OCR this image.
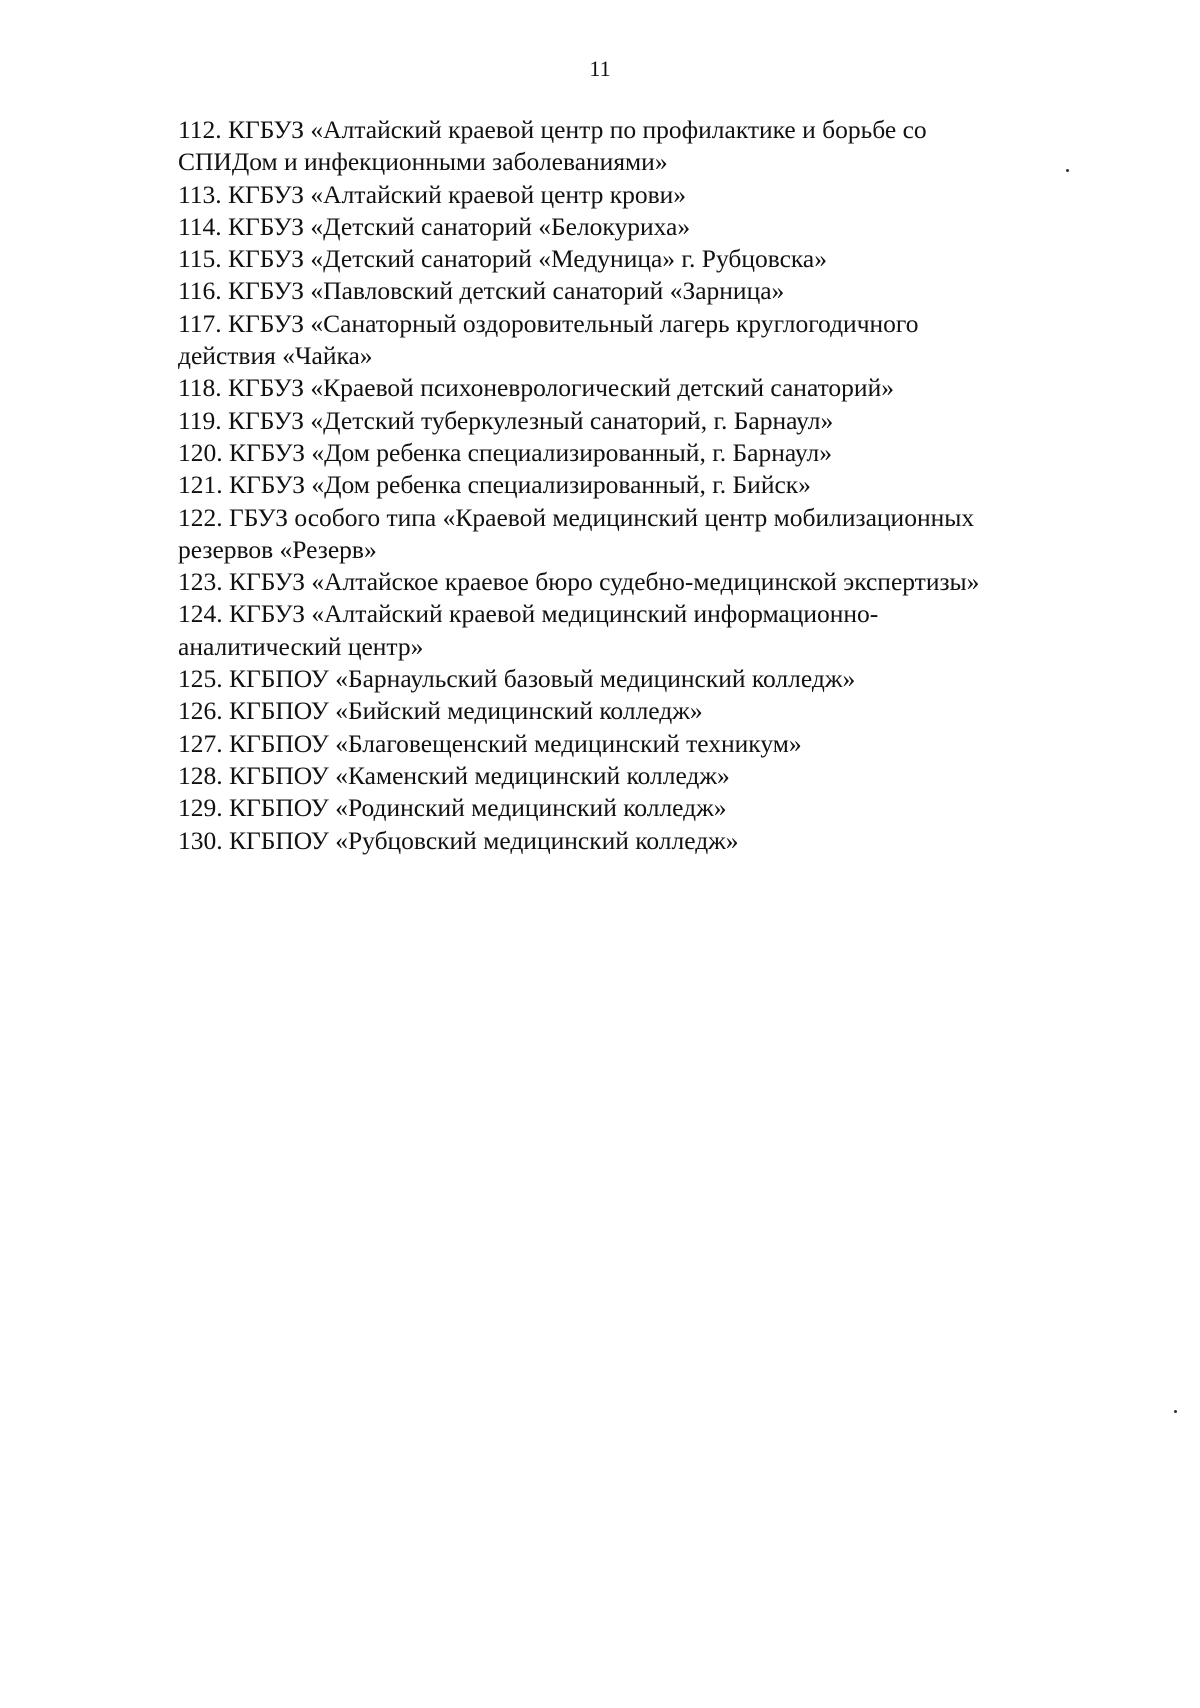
11
112. КГБУЗ «Алтайский краевой центр по профилактике и борьбе со
СПИДом и инфекционными заболеваниями»
113. КГБУЗ «Алтайский краевой центр крови»
114. КГБУЗ «Детский санаторий «Белокуриха»
115. КГБУЗ «Детский санаторий «Медуница» г. Рубцовска»
116. КГБУЗ «Павловский детский санаторий «Зарница»
117. КГБУЗ «Санаторный оздоровительный лагерь круглогодичного
действия «Чайка»
118. КГБУЗ «Краевой психоневрологический детский санаторий»
119. КГБУЗ «Детский туберкулезный санаторий, г. Барнаул»
120. КГБУЗ «Дом ребенка специализированный, г. Барнаул»
121. КГБУЗ «Дом ребенка специализированный, г. Бийск»
122. ГБУЗ особого типа «Краевой медицинский центр мобилизационных
резервов «Резерв»
123. КГБУЗ «Алтайское краевое бюро судебно-медицинской экспертизы»
124. КГБУЗ «Алтайский краевой медицинский информационно-
аналитический центр»
125. КГБПОУ «Барнаульский базовый медицинский колледж»
126. КГБПОУ «Бийский медицинский колледж»
127. КГБПОУ «Благовещенский медицинский техникум»
128. КГБПОУ «Каменский медицинский колледж»
129. КГБПОУ «Родинский медицинский колледж»
130. КГБПОУ «Рубцовский медицинский колледж»
